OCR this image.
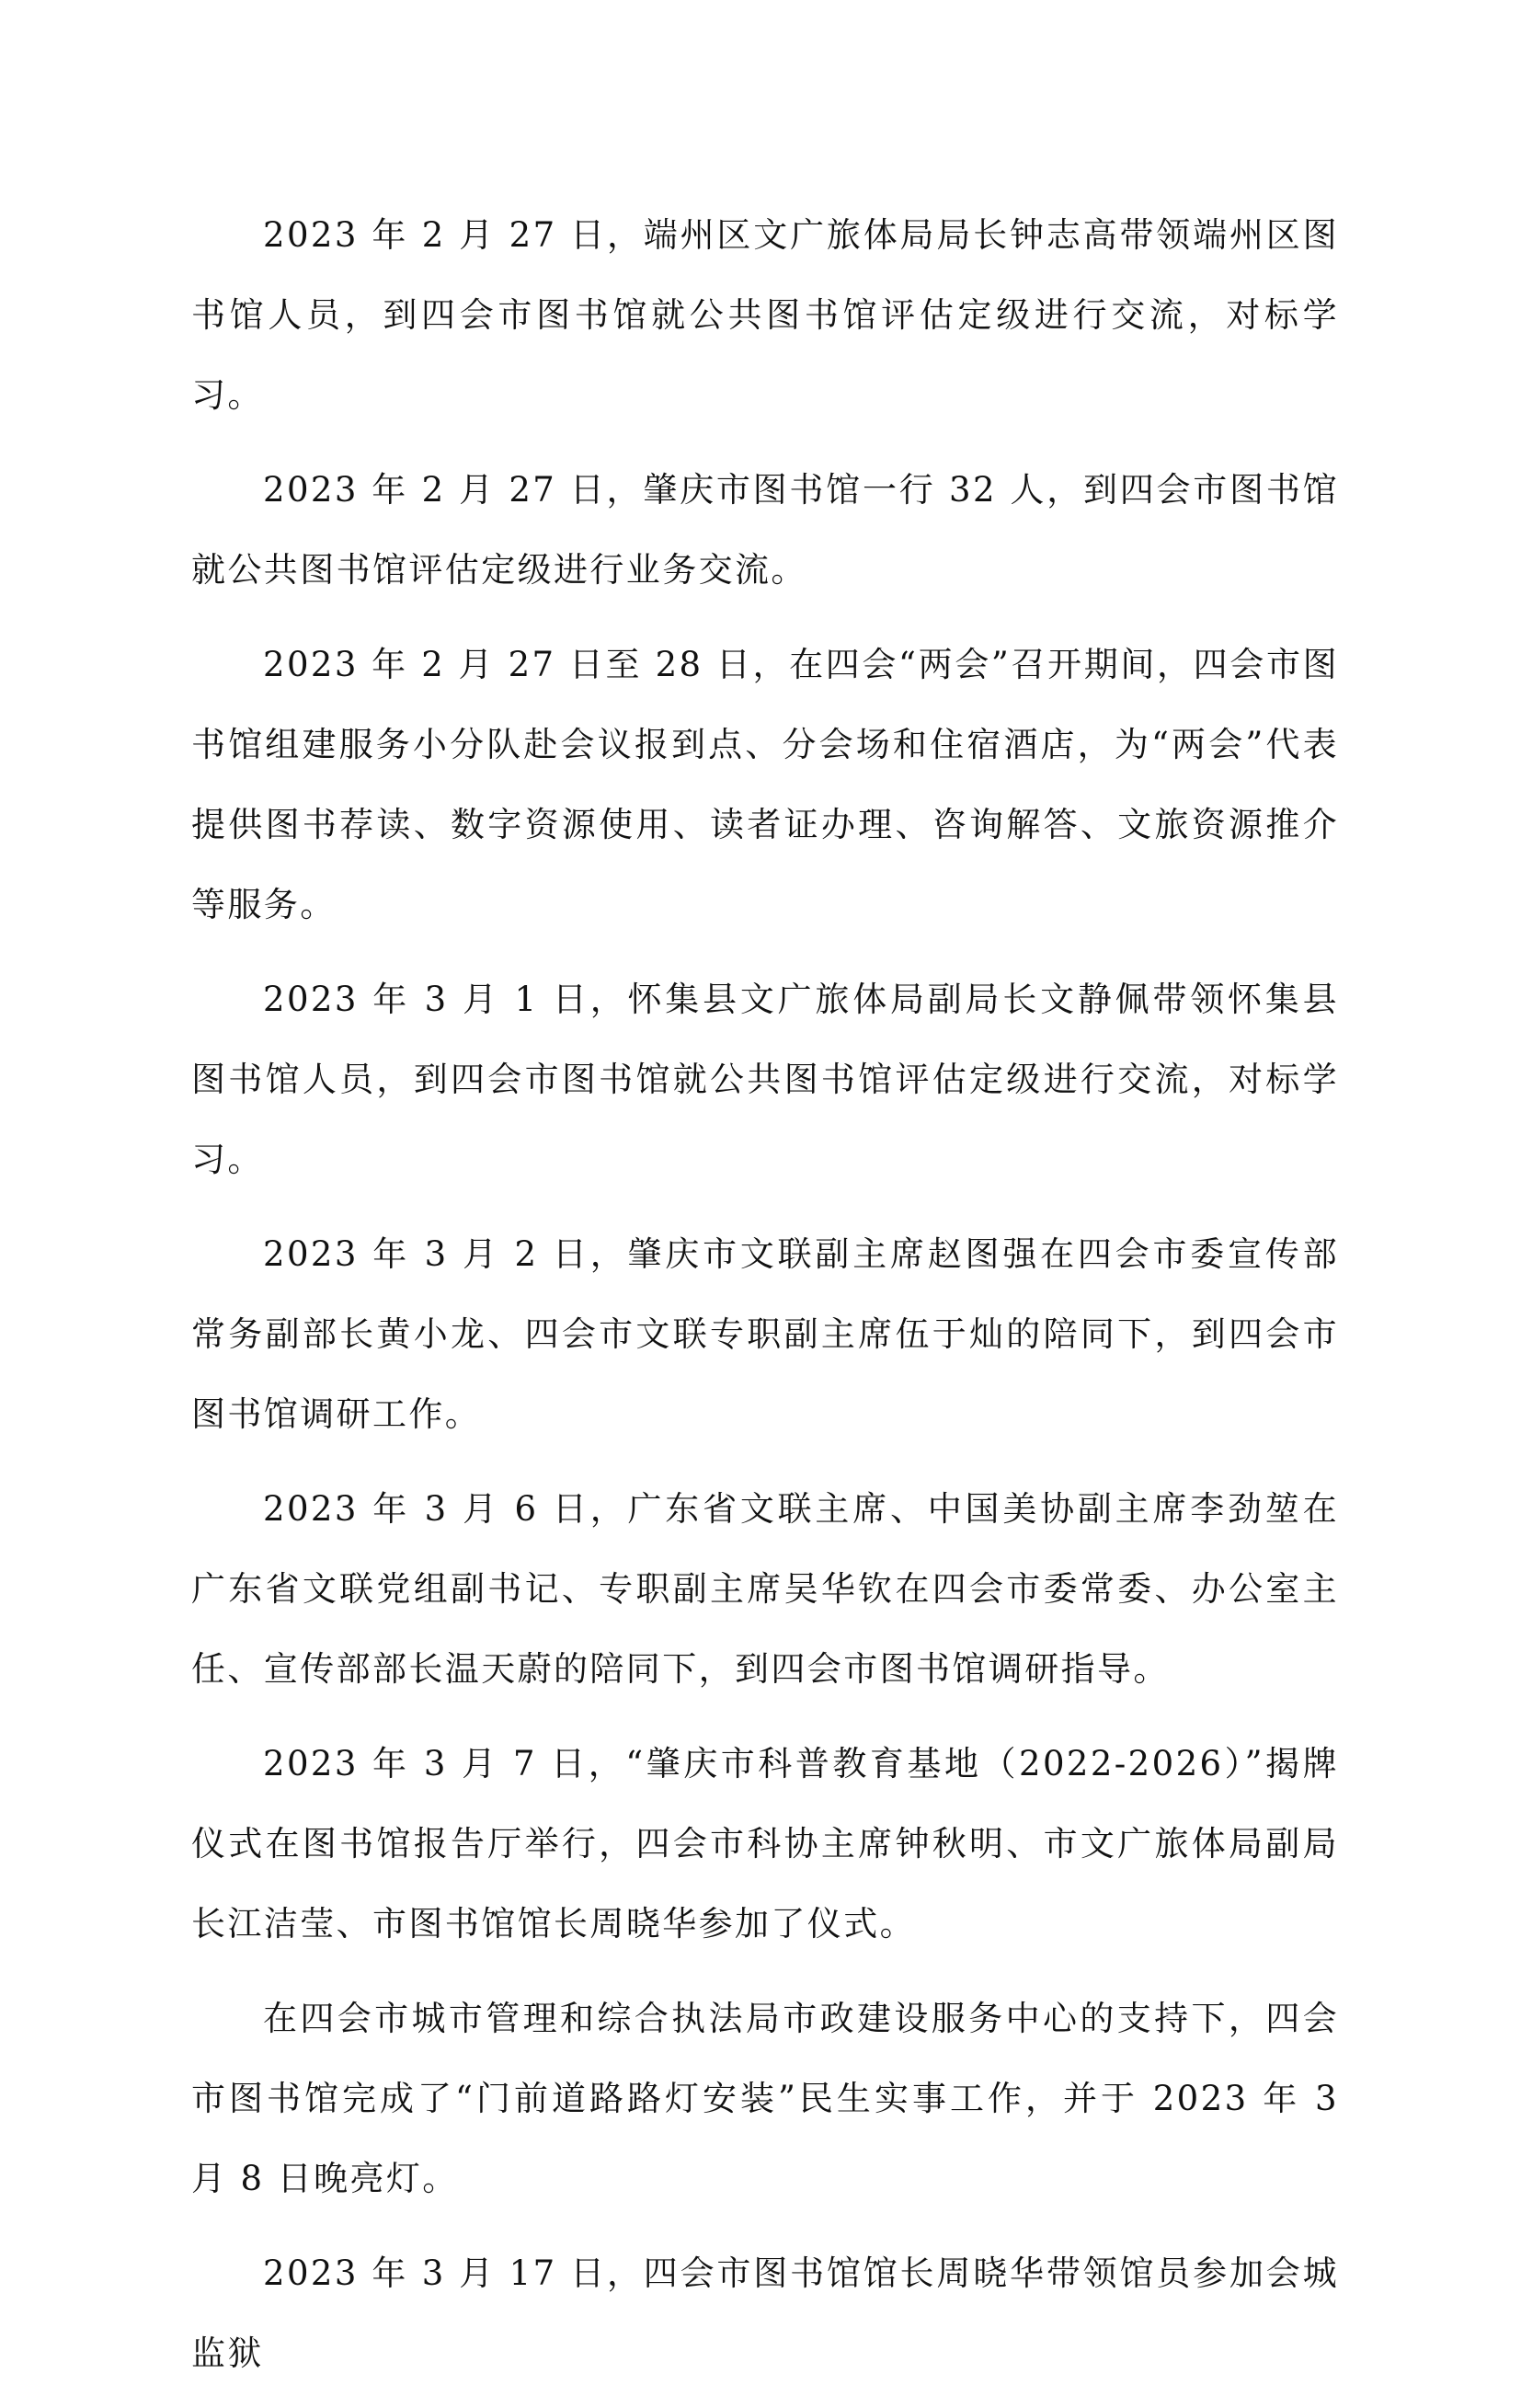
2023 年 2 月 27 日，端州区文广旅体局局长钟志高带领端州区图书馆人员，到四会市图书馆就公共图书馆评估定级进行交流，对标学习。

2023 年 2 月 27 日，肇庆市图书馆一行 32 人，到四会市图书馆就公共图书馆评估定级进行业务交流。

2023 年 2 月 27 日至 28 日，在四会“两会”召开期间，四会市图书馆组建服务小分队赴会议报到点、分会场和住宿酒店，为“两会”代表提供图书荐读、数字资源使用、读者证办理、咨询解答、文旅资源推介等服务。

2023 年 3 月 1 日，怀集县文广旅体局副局长文静佩带领怀集县图书馆人员，到四会市图书馆就公共图书馆评估定级进行交流，对标学习。

2023 年 3 月 2 日，肇庆市文联副主席赵图强在四会市委宣传部常务副部长黄小龙、四会市文联专职副主席伍于灿的陪同下，到四会市图书馆调研工作。

2023 年 3 月 6 日，广东省文联主席、中国美协副主席李劲堃在广东省文联党组副书记、专职副主席吴华钦在四会市委常委、办公室主任、宣传部部长温天蔚的陪同下，到四会市图书馆调研指导。

2023 年 3 月 7 日，“肇庆市科普教育基地（2022-2026）”揭牌仪式在图书馆报告厅举行，四会市科协主席钟秋明、市文广旅体局副局长江洁莹、市图书馆馆长周晓华参加了仪式。

在四会市城市管理和综合执法局市政建设服务中心的支持下，四会市图书馆完成了“门前道路路灯安装”民生实事工作，并于 2023 年 3 月 8 日晚亮灯。

2023 年 3 月 17 日，四会市图书馆馆长周晓华带领馆员参加会城监狱
